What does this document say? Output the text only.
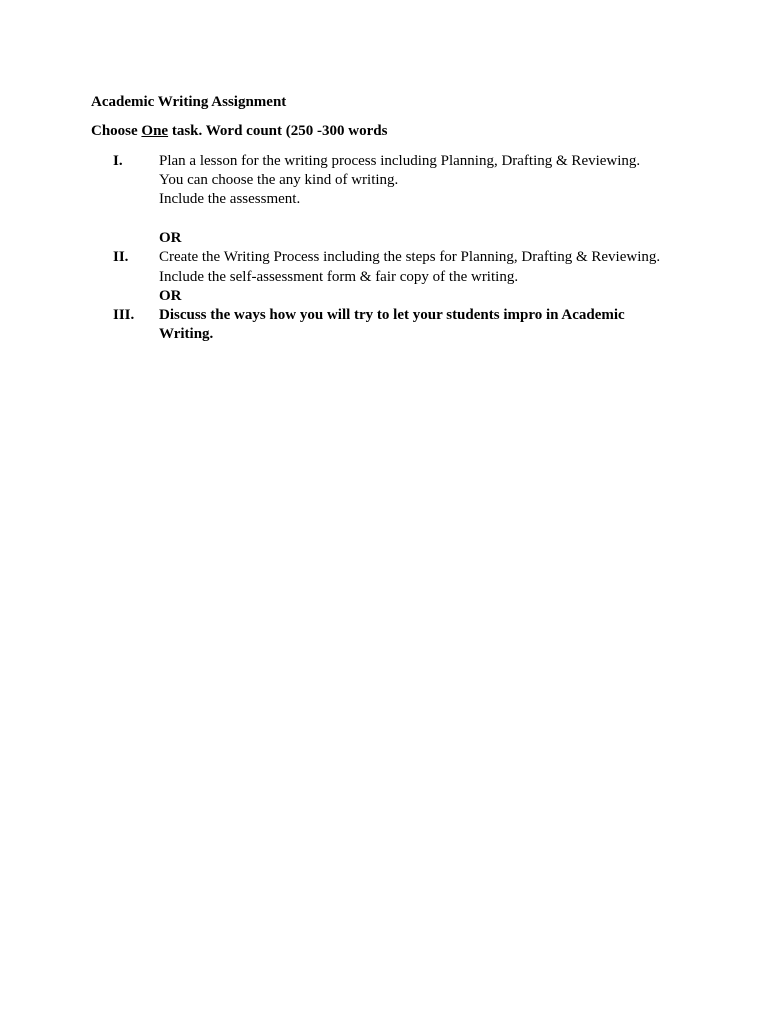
Academic Writing Assignment

Choose One task. Word count (250 -300 words

I. Plan a lesson for the writing process including Planning, Drafting & Reviewing.
You can choose the any kind of writing.
Include the assessment.
OR
II. Create the Writing Process including the steps for Planning, Drafting & Reviewing.
Include the self-assessment form & fair copy of the writing.
OR
III. Discuss the ways how you will try to let your students impro in Academic
Writing.
